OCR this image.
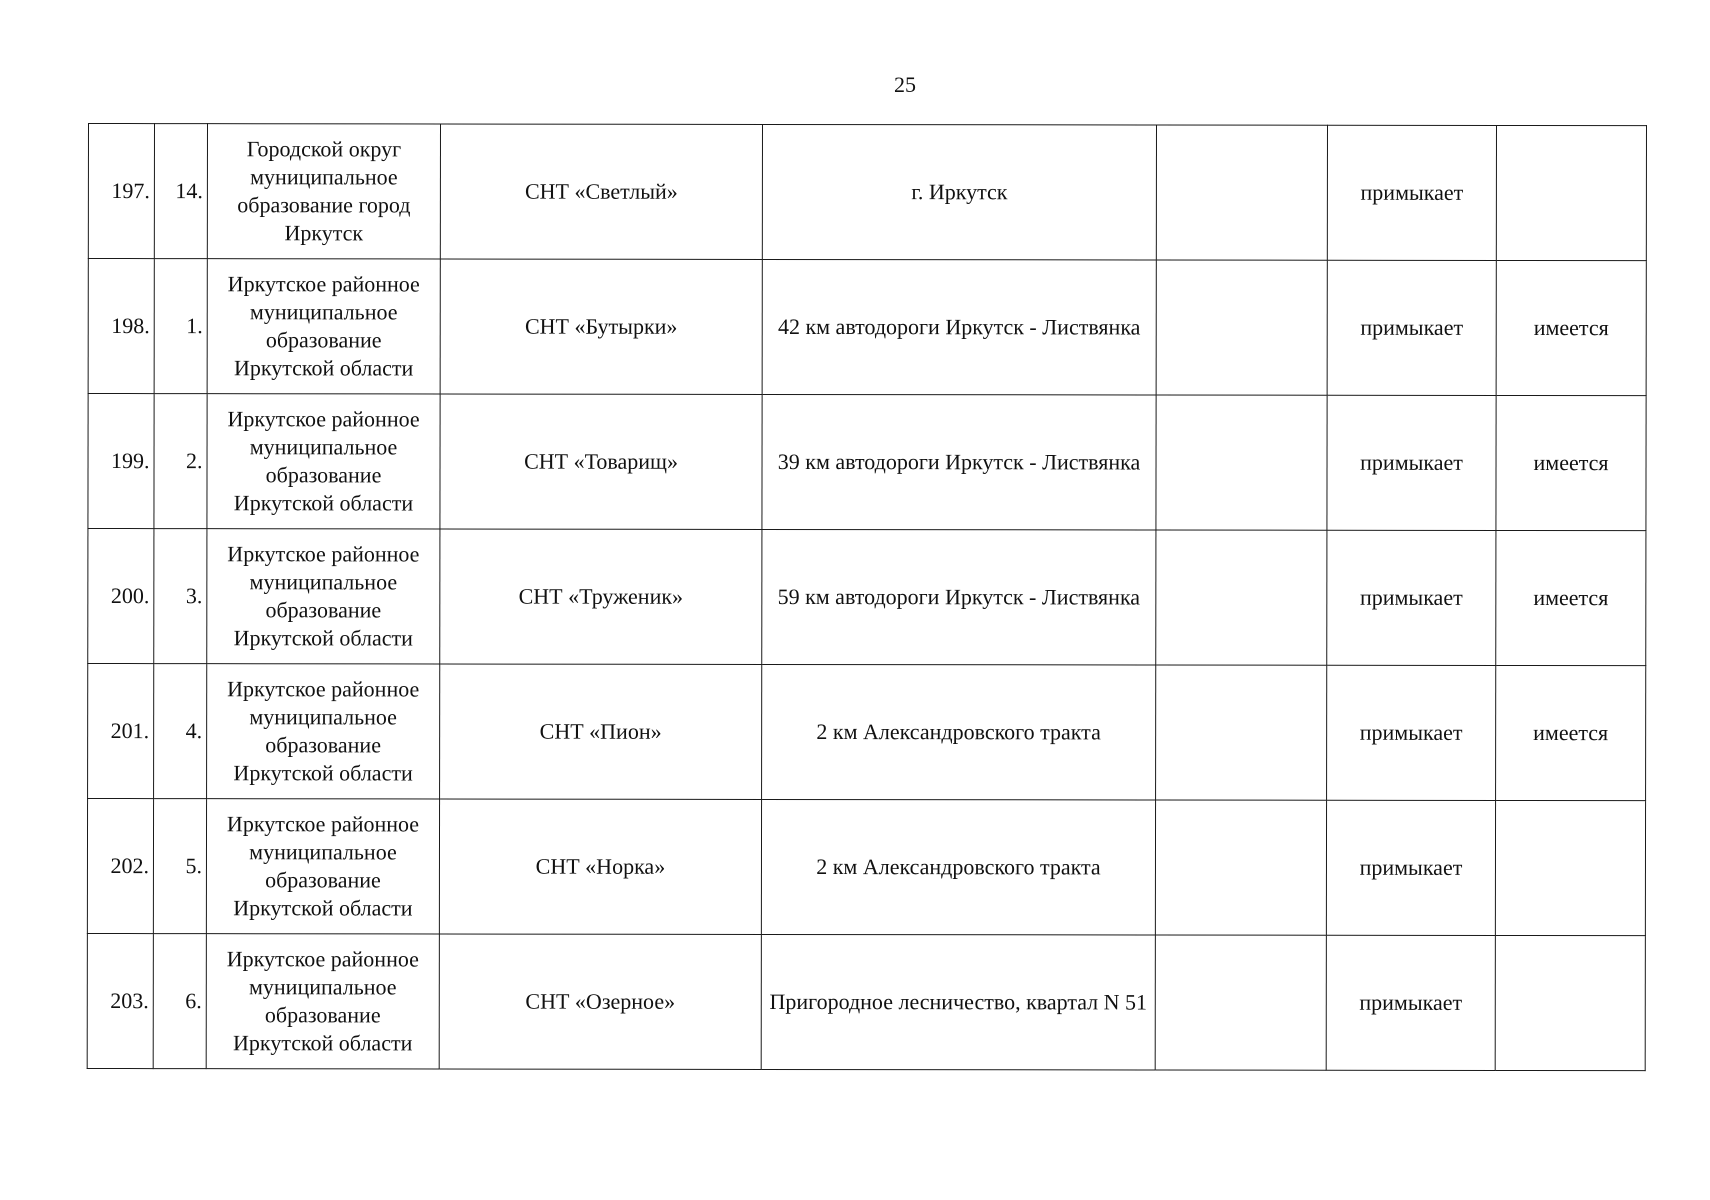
25
197.	14.	Городской округ муниципальное образование город Иркутск	СНТ «Светлый»	г. Иркутск		примыкает	
198.	1.	Иркутское районное муниципальное образование Иркутской области	СНТ «Бутырки»	42 км автодороги Иркутск - Листвянка		примыкает	имеется
199.	2.	Иркутское районное муниципальное образование Иркутской области	СНТ «Товарищ»	39 км автодороги Иркутск - Листвянка		примыкает	имеется
200.	3.	Иркутское районное муниципальное образование Иркутской области	СНТ «Труженик»	59 км автодороги Иркутск - Листвянка		примыкает	имеется
201.	4.	Иркутское районное муниципальное образование Иркутской области	СНТ «Пион»	2 км Александровского тракта		примыкает	имеется
202.	5.	Иркутское районное муниципальное образование Иркутской области	СНТ «Норка»	2 км Александровского тракта		примыкает	
203.	6.	Иркутское районное муниципальное образование Иркутской области	СНТ «Озерное»	Пригородное лесничество, квартал N 51		примыкает	
